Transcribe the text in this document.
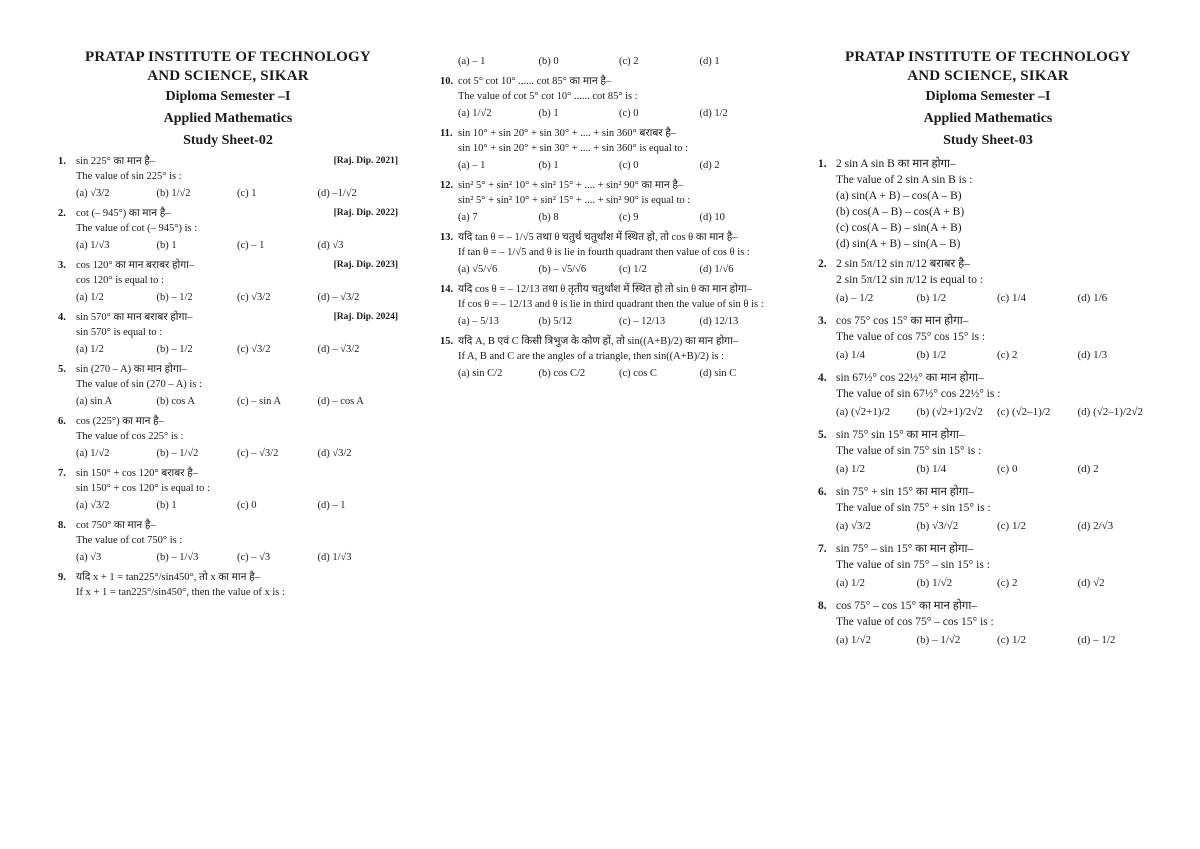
PRATAP INSTITUTE OF TECHNOLOGY
AND SCIENCE, SIKAR
Diploma Semester –I
Applied Mathematics
Study Sheet-02
[Raj. Dip. 2021]
1. sin 225° का मान है–
The value of sin 225° is :
(a) √3/2	(b) 1/√2	(c) 1	(d) –1/√2
[Raj. Dip. 2022]
2. cot (– 945°) का मान है–
The value of cot (– 945°) is :
(a) 1/√3	(b) 1	(c) – 1	(d) √3
[Raj. Dip. 2023]
3. cos 120° का मान बराबर होगा–
cos 120° is equal to :
(a) 1/2	(b) – 1/2	(c) √3/2	(d) – √3/2
[Raj. Dip. 2024]
4. sin 570° का मान बराबर होगा–
sin 570° is equal to :
(a) 1/2	(b) – 1/2	(c) √3/2	(d) – √3/2
5. sin (270 – A) का मान होगा–
The value of sin (270 – A) is :
(a) sin A	(b) cos A	(c) – sin A	(d) – cos A
6. cos (225°) का मान है–
The value of cos 225° is :
(a) 1/√2	(b) – 1/√2	(c) – √3/2	(d) √3/2
7. sin 150° + cos 120° बराबर है–
sin 150° + cos 120° is equal to :
(a) √3/2	(b) 1	(c) 0	(d) – 1
8. cot 750° का मान है–
The value of cot 750° is :
(a) √3	(b) – 1/√3	(c) – √3	(d) 1/√3
9. यदि x + 1 = tan225°/sin450°, तो x का मान है–
If x + 1 = tan225°/sin450°, then the value of x is :
(a) – 1	(b) 0	(c) 2	(d) 1
10. cot 5° cot 10° ...... cot 85° का मान है–
The value of cot 5° cot 10° ...... cot 85° is :
(a) 1/√2	(b) 1	(c) 0	(d) 1/2
11. sin 10° + sin 20° + sin 30° + .... + sin 360° बराबर है–
sin 10° + sin 20° + sin 30° + .... + sin 360° is equal to :
(a) – 1	(b) 1	(c) 0	(d) 2
12. sin² 5° + sin² 10° + sin² 15° + .... + sin² 90° का मान है–
sin² 5° + sin² 10° + sin² 15° + .... + sin² 90° is equal to :
(a) 7	(b) 8	(c) 9	(d) 10
13. यदि tan θ = – 1/√5 तथा θ चतुर्थ चतुर्थांश में स्थित हो, तो cos θ का मान है–
If tan θ = – 1/√5 and θ is lie in fourth quadrant then value of cos θ is :
(a) √5/√6	(b) – √5/√6	(c) 1/2	(d) 1/√6
14. यदि cos θ = – 12/13 तथा θ तृतीय चतुर्थांश में स्थित हो तो sin θ का मान होगा–
If cos θ = – 12/13 and θ is lie in third quadrant then the value of sin θ is :
(a) – 5/13	(b) 5/12	(c) – 12/13	(d) 12/13
15. यदि A, B एवं C किसी त्रिभुज के कोण हों, तो sin((A+B)/2) का मान होगा–
If A, B and C are the angles of a triangle, then sin((A+B)/2) is :
(a) sin C/2	(b) cos C/2	(c) cos C	(d) sin C
PRATAP INSTITUTE OF TECHNOLOGY
AND SCIENCE, SIKAR
Diploma Semester –I
Applied Mathematics
Study Sheet-03
1. 2 sin A sin B का मान होगा–
The value of 2 sin A sin B is :
(a) sin(A + B) – cos(A – B)
(b) cos(A – B) – cos(A + B)
(c) cos(A – B) – sin(A + B)
(d) sin(A + B) – sin(A – B)
2. 2 sin 5π/12 sin π/12 बराबर है–
2 sin 5π/12 sin π/12 is equal to :
(a) – 1/2	(b) 1/2	(c) 1/4	(d) 1/6
3. cos 75° cos 15° का मान होगा–
The value of cos 75° cos 15° is :
(a) 1/4	(b) 1/2	(c) 2	(d) 1/3
4. sin 67½° cos 22½° का मान होगा–
The value of sin 67½° cos 22½° is :
(a) (√2+1)/2	(b) (√2+1)/2√2	(c) (√2–1)/2	(d) (√2–1)/2√2
5. sin 75° sin 15° का मान होगा–
The value of sin 75° sin 15° is :
(a) 1/2	(b) 1/4	(c) 0	(d) 2
6. sin 75° + sin 15° का मान होगा–
The value of sin 75° + sin 15° is :
(a) √3/2	(b) √3/√2	(c) 1/2	(d) 2/√3
7. sin 75° – sin 15° का मान होगा–
The value of sin 75° – sin 15° is :
(a) 1/2	(b) 1/√2	(c) 2	(d) √2
8. cos 75° – cos 15° का मान होगा–
The value of cos 75° – cos 15° is :
(a) 1/√2	(b) – 1/√2	(c) 1/2	(d) – 1/2
